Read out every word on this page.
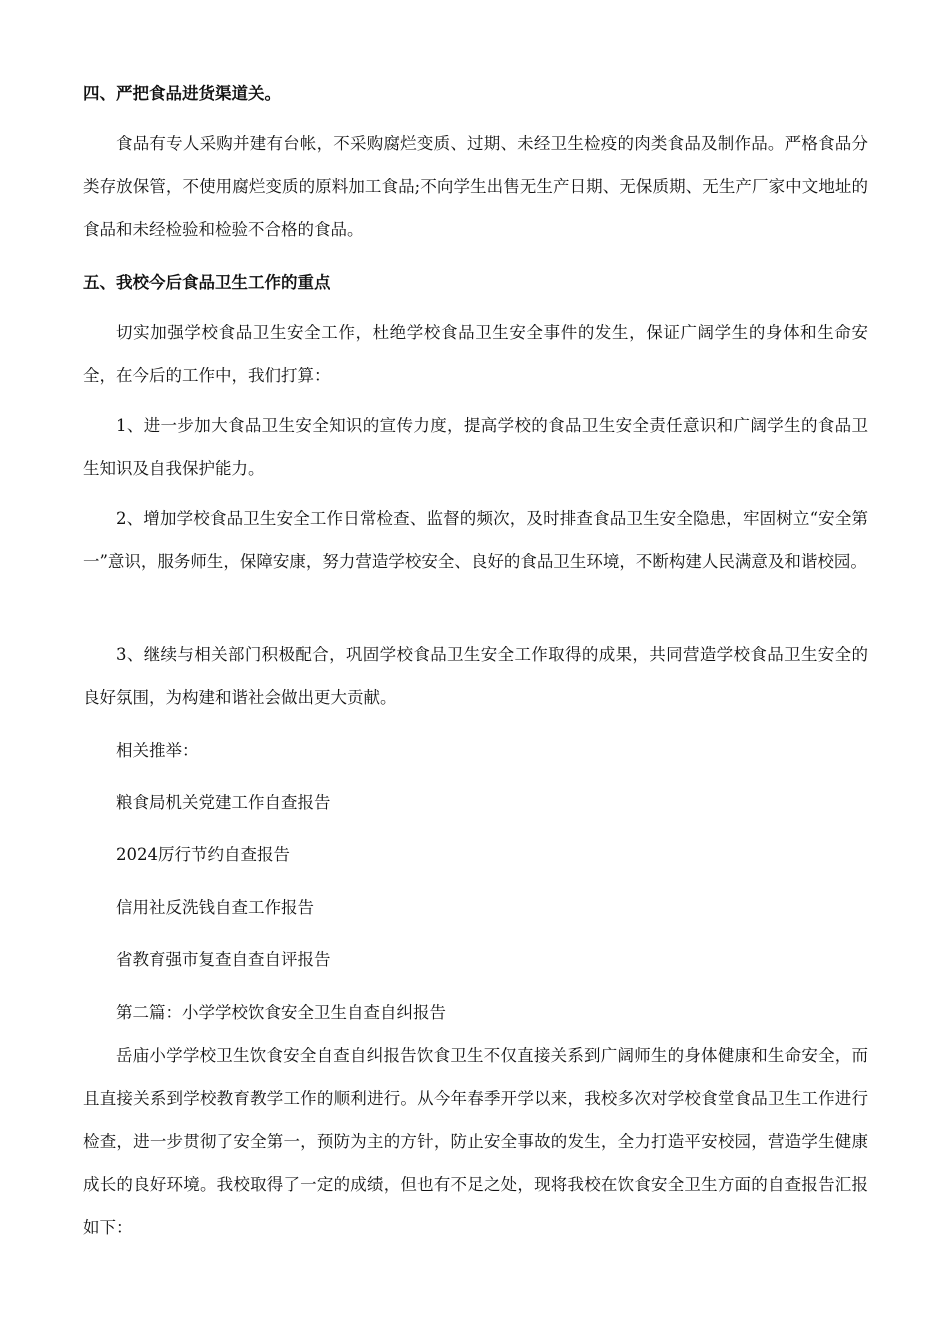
四、严把食品进货渠道关。

食品有专人采购并建有台帐，不采购腐烂变质、过期、未经卫生检疫的肉类食品及制作品。严格食品分类存放保管，不使用腐烂变质的原料加工食品;不向学生出售无生产日期、无保质期、无生产厂家中文地址的食品和未经检验和检验不合格的食品。

五、我校今后食品卫生工作的重点

切实加强学校食品卫生安全工作，杜绝学校食品卫生安全事件的发生，保证广阔学生的身体和生命安全，在今后的工作中，我们打算：

1、进一步加大食品卫生安全知识的宣传力度，提高学校的食品卫生安全责任意识和广阔学生的食品卫生知识及自我保护能力。

2、增加学校食品卫生安全工作日常检查、监督的频次，及时排查食品卫生安全隐患，牢固树立“安全第一”意识，服务师生，保障安康，努力营造学校安全、良好的食品卫生环境，不断构建人民满意及和谐校园。

3、继续与相关部门积极配合，巩固学校食品卫生安全工作取得的成果，共同营造学校食品卫生安全的良好氛围，为构建和谐社会做出更大贡献。

相关推举：

粮食局机关党建工作自查报告

2024厉行节约自查报告

信用社反洗钱自查工作报告

省教育强市复查自查自评报告

第二篇：小学学校饮食安全卫生自查自纠报告

岳庙小学学校卫生饮食安全自查自纠报告饮食卫生不仅直接关系到广阔师生的身体健康和生命安全，而且直接关系到学校教育教学工作的顺利进行。从今年春季开学以来，我校多次对学校食堂食品卫生工作进行检查，进一步贯彻了安全第一，预防为主的方针，防止安全事故的发生，全力打造平安校园，营造学生健康成长的良好环境。我校取得了一定的成绩，但也有不足之处，现将我校在饮食安全卫生方面的自查报告汇报如下：
